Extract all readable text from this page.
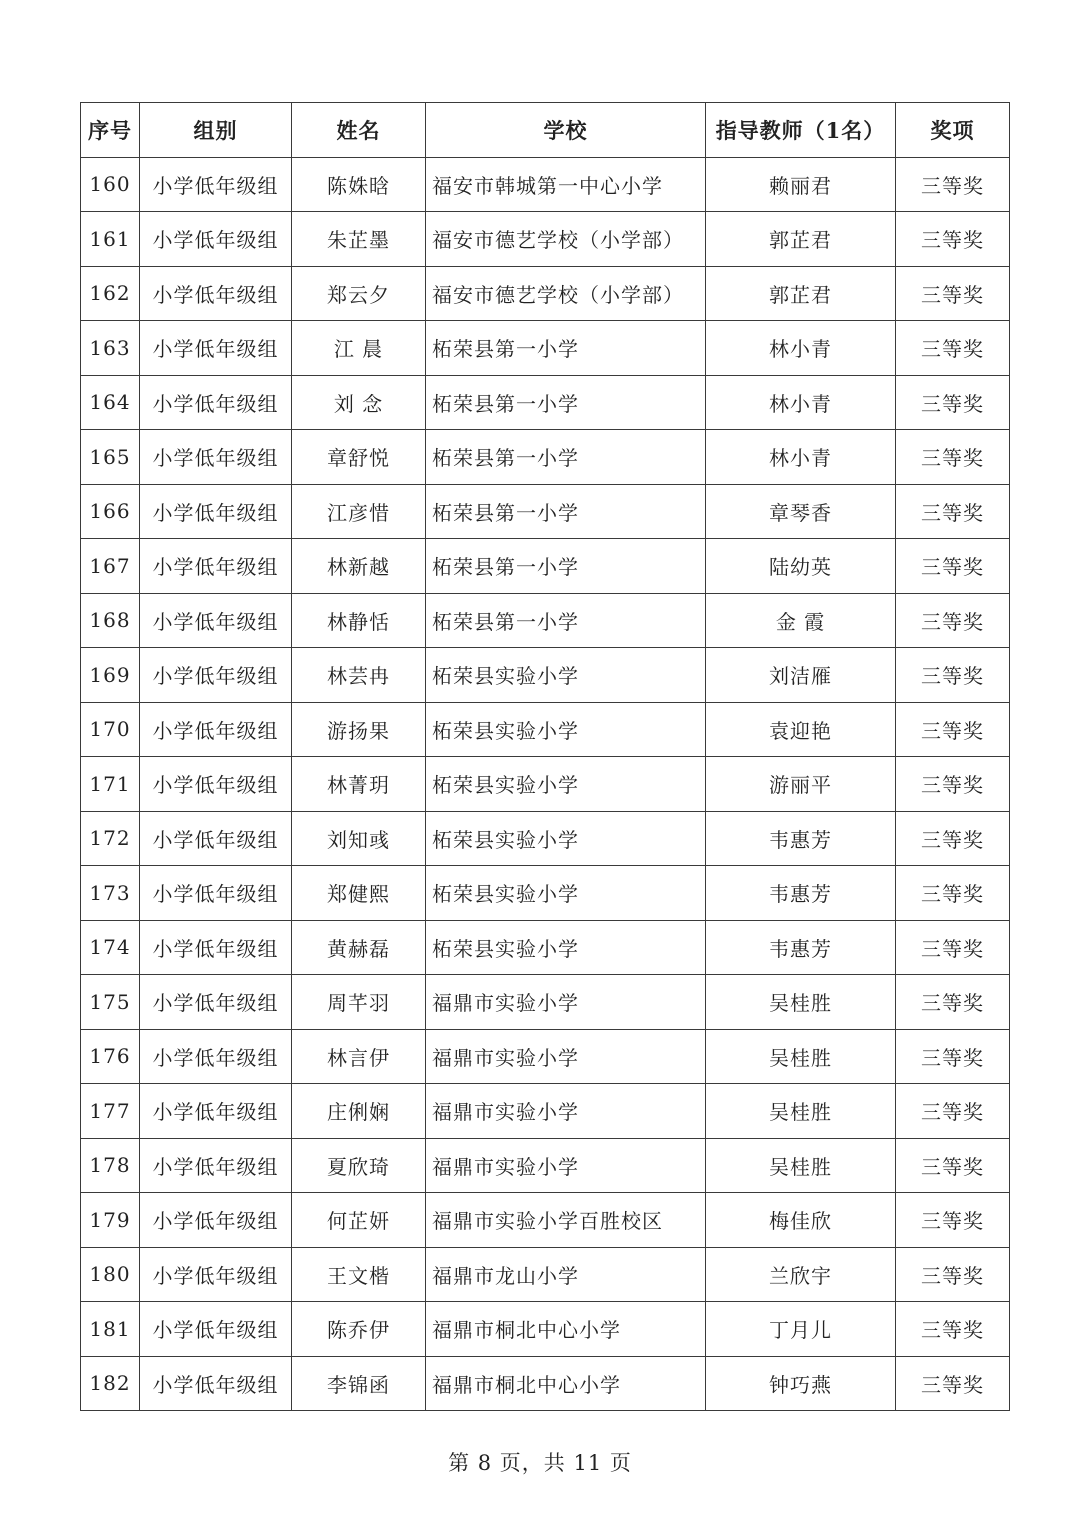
序号	组别	姓名	学校	指导教师（1名）	奖项
160	小学低年级组	陈姝晗	福安市韩城第一中心小学	赖丽君	三等奖
161	小学低年级组	朱芷墨	福安市德艺学校（小学部）	郭芷君	三等奖
162	小学低年级组	郑云夕	福安市德艺学校（小学部）	郭芷君	三等奖
163	小学低年级组	江 晨	柘荣县第一小学	林小青	三等奖
164	小学低年级组	刘 念	柘荣县第一小学	林小青	三等奖
165	小学低年级组	章舒悦	柘荣县第一小学	林小青	三等奖
166	小学低年级组	江彦惜	柘荣县第一小学	章琴香	三等奖
167	小学低年级组	林新越	柘荣县第一小学	陆幼英	三等奖
168	小学低年级组	林静恬	柘荣县第一小学	金 霞	三等奖
169	小学低年级组	林芸冉	柘荣县实验小学	刘洁雁	三等奖
170	小学低年级组	游扬果	柘荣县实验小学	袁迎艳	三等奖
171	小学低年级组	林菁玥	柘荣县实验小学	游丽平	三等奖
172	小学低年级组	刘知彧	柘荣县实验小学	韦惠芳	三等奖
173	小学低年级组	郑健熙	柘荣县实验小学	韦惠芳	三等奖
174	小学低年级组	黄赫磊	柘荣县实验小学	韦惠芳	三等奖
175	小学低年级组	周芊羽	福鼎市实验小学	吴桂胜	三等奖
176	小学低年级组	林言伊	福鼎市实验小学	吴桂胜	三等奖
177	小学低年级组	庄俐娴	福鼎市实验小学	吴桂胜	三等奖
178	小学低年级组	夏欣琦	福鼎市实验小学	吴桂胜	三等奖
179	小学低年级组	何芷妍	福鼎市实验小学百胜校区	梅佳欣	三等奖
180	小学低年级组	王文楷	福鼎市龙山小学	兰欣宇	三等奖
181	小学低年级组	陈乔伊	福鼎市桐北中心小学	丁月儿	三等奖
182	小学低年级组	李锦函	福鼎市桐北中心小学	钟巧燕	三等奖
第 8 页，共 11 页
